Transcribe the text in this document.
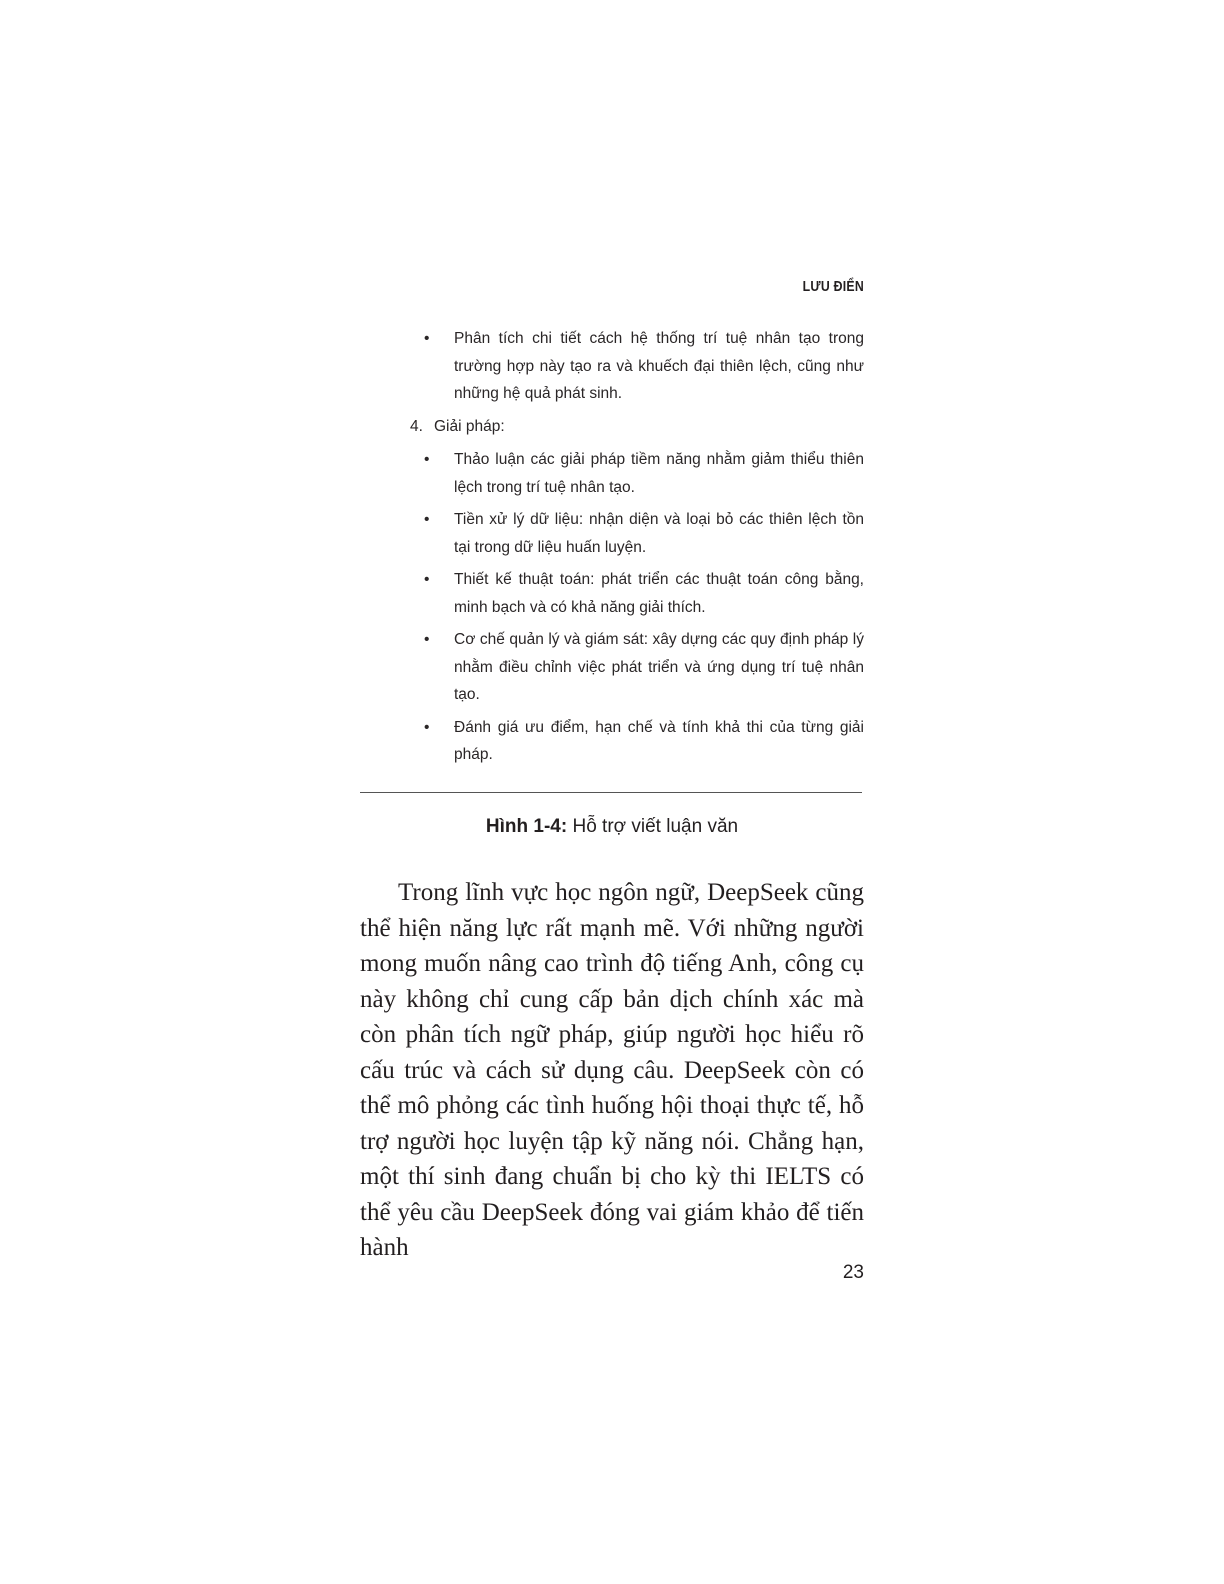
LƯU ĐIỂN
• Phân tích chi tiết cách hệ thống trí tuệ nhân tạo trong trường hợp này tạo ra và khuếch đại thiên lệch, cũng như những hệ quả phát sinh.
4. Giải pháp:
• Thảo luận các giải pháp tiềm năng nhằm giảm thiểu thiên lệch trong trí tuệ nhân tạo.
• Tiền xử lý dữ liệu: nhận diện và loại bỏ các thiên lệch tồn tại trong dữ liệu huấn luyện.
• Thiết kế thuật toán: phát triển các thuật toán công bằng, minh bạch và có khả năng giải thích.
• Cơ chế quản lý và giám sát: xây dựng các quy định pháp lý nhằm điều chỉnh việc phát triển và ứng dụng trí tuệ nhân tạo.
• Đánh giá ưu điểm, hạn chế và tính khả thi của từng giải pháp.
Hình 1-4: Hỗ trợ viết luận văn

Trong lĩnh vực học ngôn ngữ, DeepSeek cũng thể hiện năng lực rất mạnh mẽ. Với những người mong muốn nâng cao trình độ tiếng Anh, công cụ này không chỉ cung cấp bản dịch chính xác mà còn phân tích ngữ pháp, giúp người học hiểu rõ cấu trúc và cách sử dụng câu. DeepSeek còn có thể mô phỏng các tình huống hội thoại thực tế, hỗ trợ người học luyện tập kỹ năng nói. Chẳng hạn, một thí sinh đang chuẩn bị cho kỳ thi IELTS có thể yêu cầu DeepSeek đóng vai giám khảo để tiến hành

23
